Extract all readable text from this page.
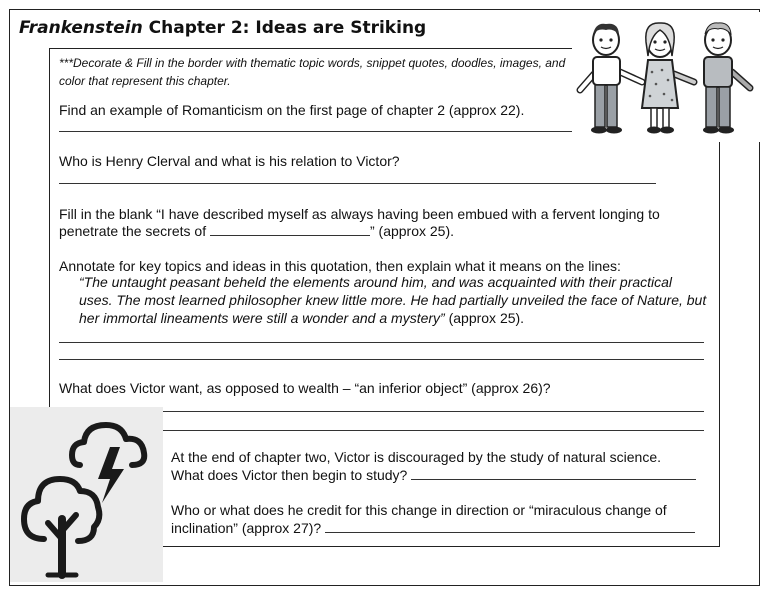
Frankenstein Chapter 2: Ideas are Striking
***Decorate & Fill in the border with thematic topic words, snippet quotes, doodles, images, and color that represent this chapter.
Find an example of Romanticism on the first page of chapter 2 (approx 22).
Who is Henry Clerval and what is his relation to Victor?
Fill in the blank “I have described myself as always having been embued with a fervent longing to
penetrate the secrets of	” (approx 25).
Annotate for key topics and ideas in this quotation, then explain what it means on the lines:
“The untaught peasant beheld the elements around him, and was acquainted with their practical uses. The most learned philosopher knew little more. He had partially unveiled the face of Nature, but her immortal lineaments were still a wonder and a mystery” (approx 25).
What does Victor want, as opposed to wealth – “an inferior object” (approx 26)?
At the end of chapter two, Victor is discouraged by the study of natural science.
What does Victor then begin to study?
Who or what does he credit for this change in direction or “miraculous change of
inclination” (approx 27)?
